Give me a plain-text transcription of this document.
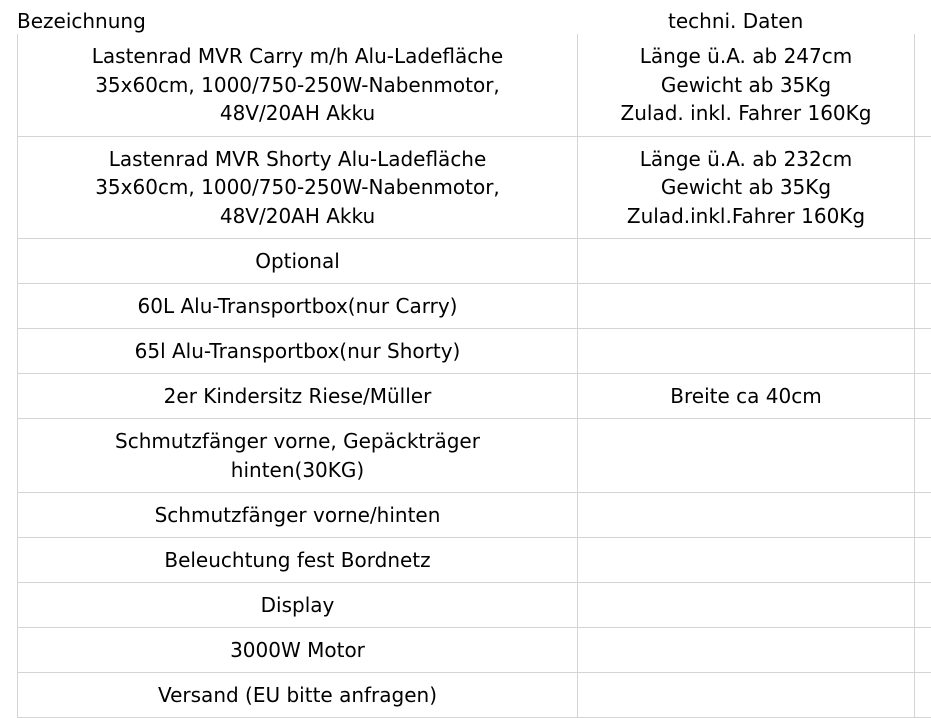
Bezeichnung	techni. Daten
Lastenrad MVR Carry m/h Alu-Ladefläche
35x60cm, 1000/750-250W-Nabenmotor,
48V/20AH Akku
Länge ü.A. ab 247cm
Gewicht ab 35Kg
Zulad. inkl. Fahrer 160Kg
Lastenrad MVR Shorty Alu-Ladefläche
35x60cm, 1000/750-250W-Nabenmotor,
48V/20AH Akku
Länge ü.A. ab 232cm
Gewicht ab 35Kg
Zulad.inkl.Fahrer 160Kg
Optional
60L Alu-Transportbox(nur Carry)
65l Alu-Transportbox(nur Shorty)
2er Kindersitz Riese/Müller	Breite ca 40cm
Schmutzfänger vorne, Gepäckträger
hinten(30KG)
Schmutzfänger vorne/hinten
Beleuchtung fest Bordnetz
Display
3000W Motor
Versand (EU bitte anfragen)
